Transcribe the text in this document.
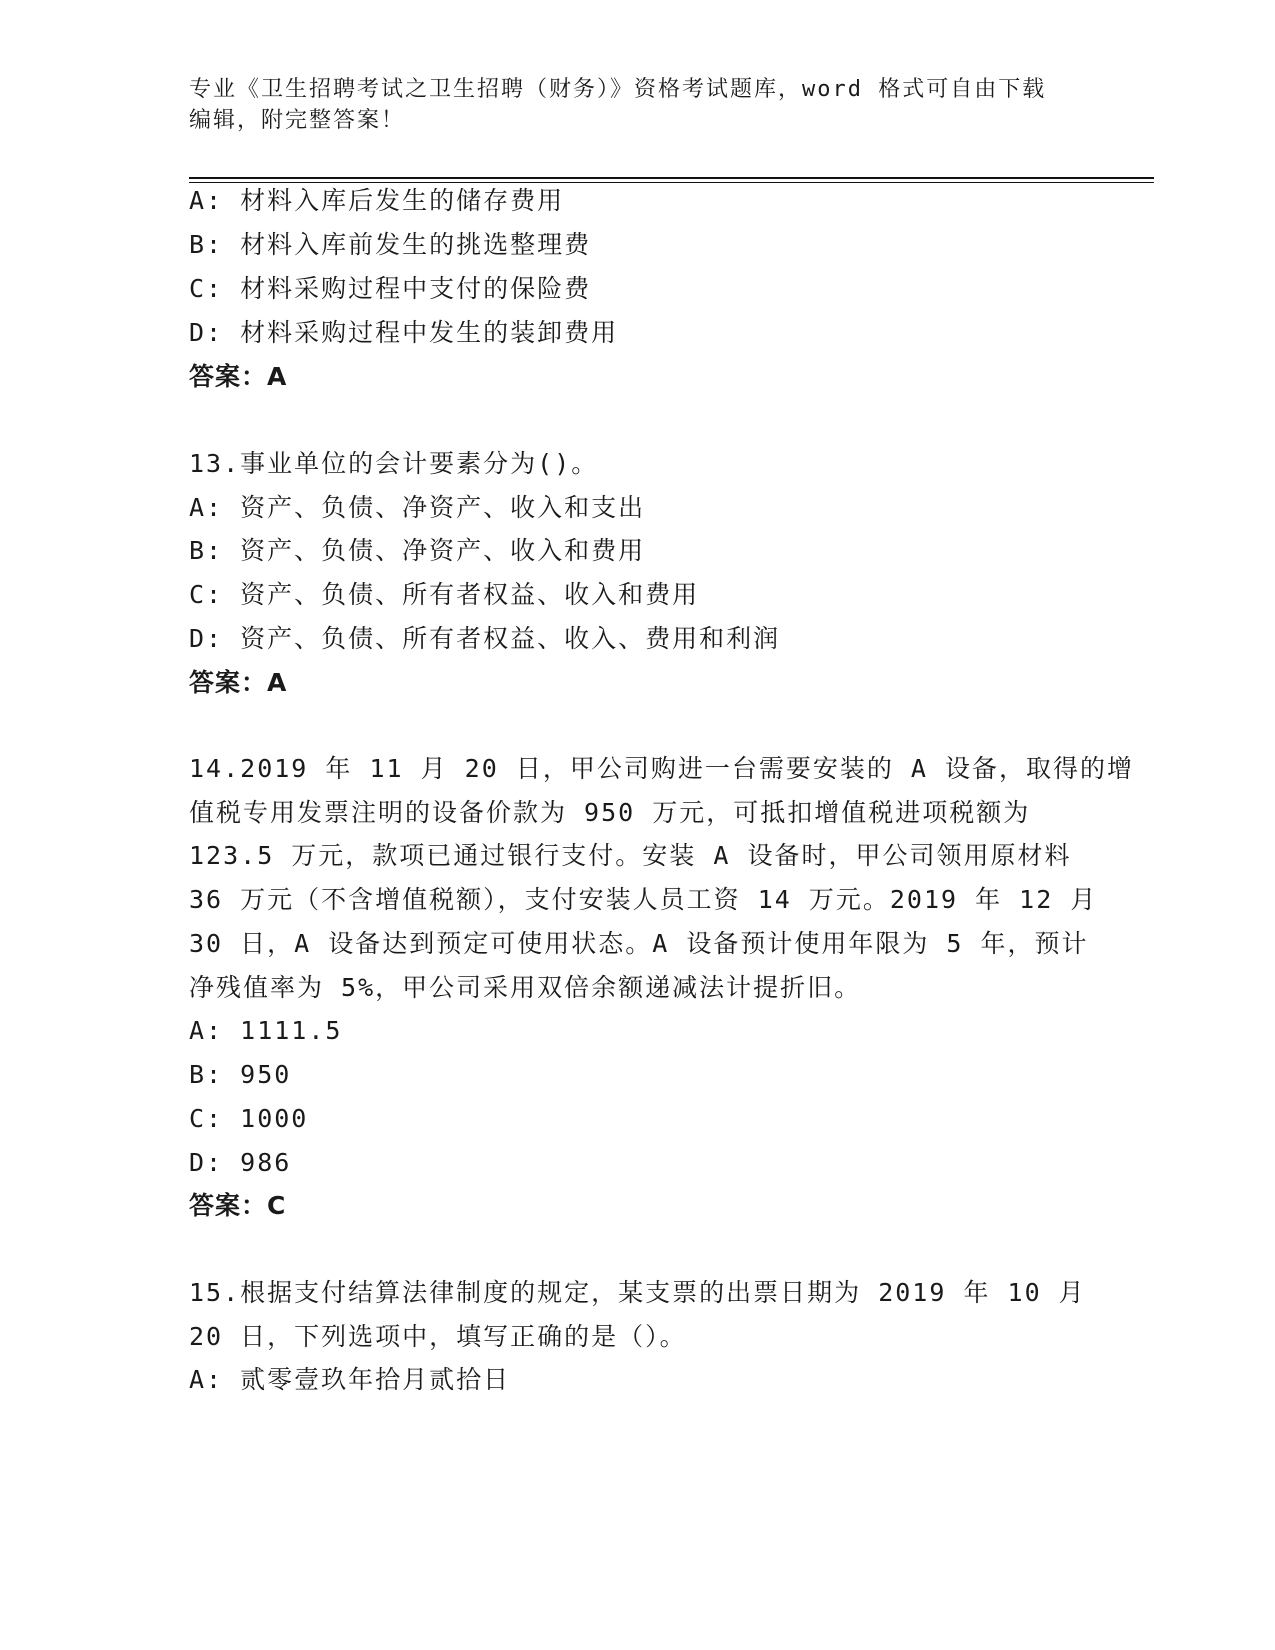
专业《卫生招聘考试之卫生招聘（财务）》资格考试题库，word 格式可自由下载
编辑，附完整答案！
A: 材料入库后发生的储存费用
B: 材料入库前发生的挑选整理费
C: 材料采购过程中支付的保险费
D: 材料采购过程中发生的装卸费用
答案：A
13.事业单位的会计要素分为()。
A: 资产、负债、净资产、收入和支出
B: 资产、负债、净资产、收入和费用
C: 资产、负债、所有者权益、收入和费用
D: 资产、负债、所有者权益、收入、费用和利润
答案：A
14.2019 年 11 月 20 日，甲公司购进一台需要安装的 A 设备，取得的增
值税专用发票注明的设备价款为 950 万元，可抵扣增值税进项税额为
123.5 万元，款项已通过银行支付。安装 A 设备时，甲公司领用原材料
36 万元（不含增值税额），支付安装人员工资 14 万元。2019 年 12 月
30 日，A 设备达到预定可使用状态。A 设备预计使用年限为 5 年，预计
净残值率为 5%，甲公司采用双倍余额递减法计提折旧。
A: 1111.5
B: 950
C: 1000
D: 986
答案：C
15.根据支付结算法律制度的规定，某支票的出票日期为 2019 年 10 月
20 日，下列选项中，填写正确的是（）。
A: 贰零壹玖年拾月贰拾日
